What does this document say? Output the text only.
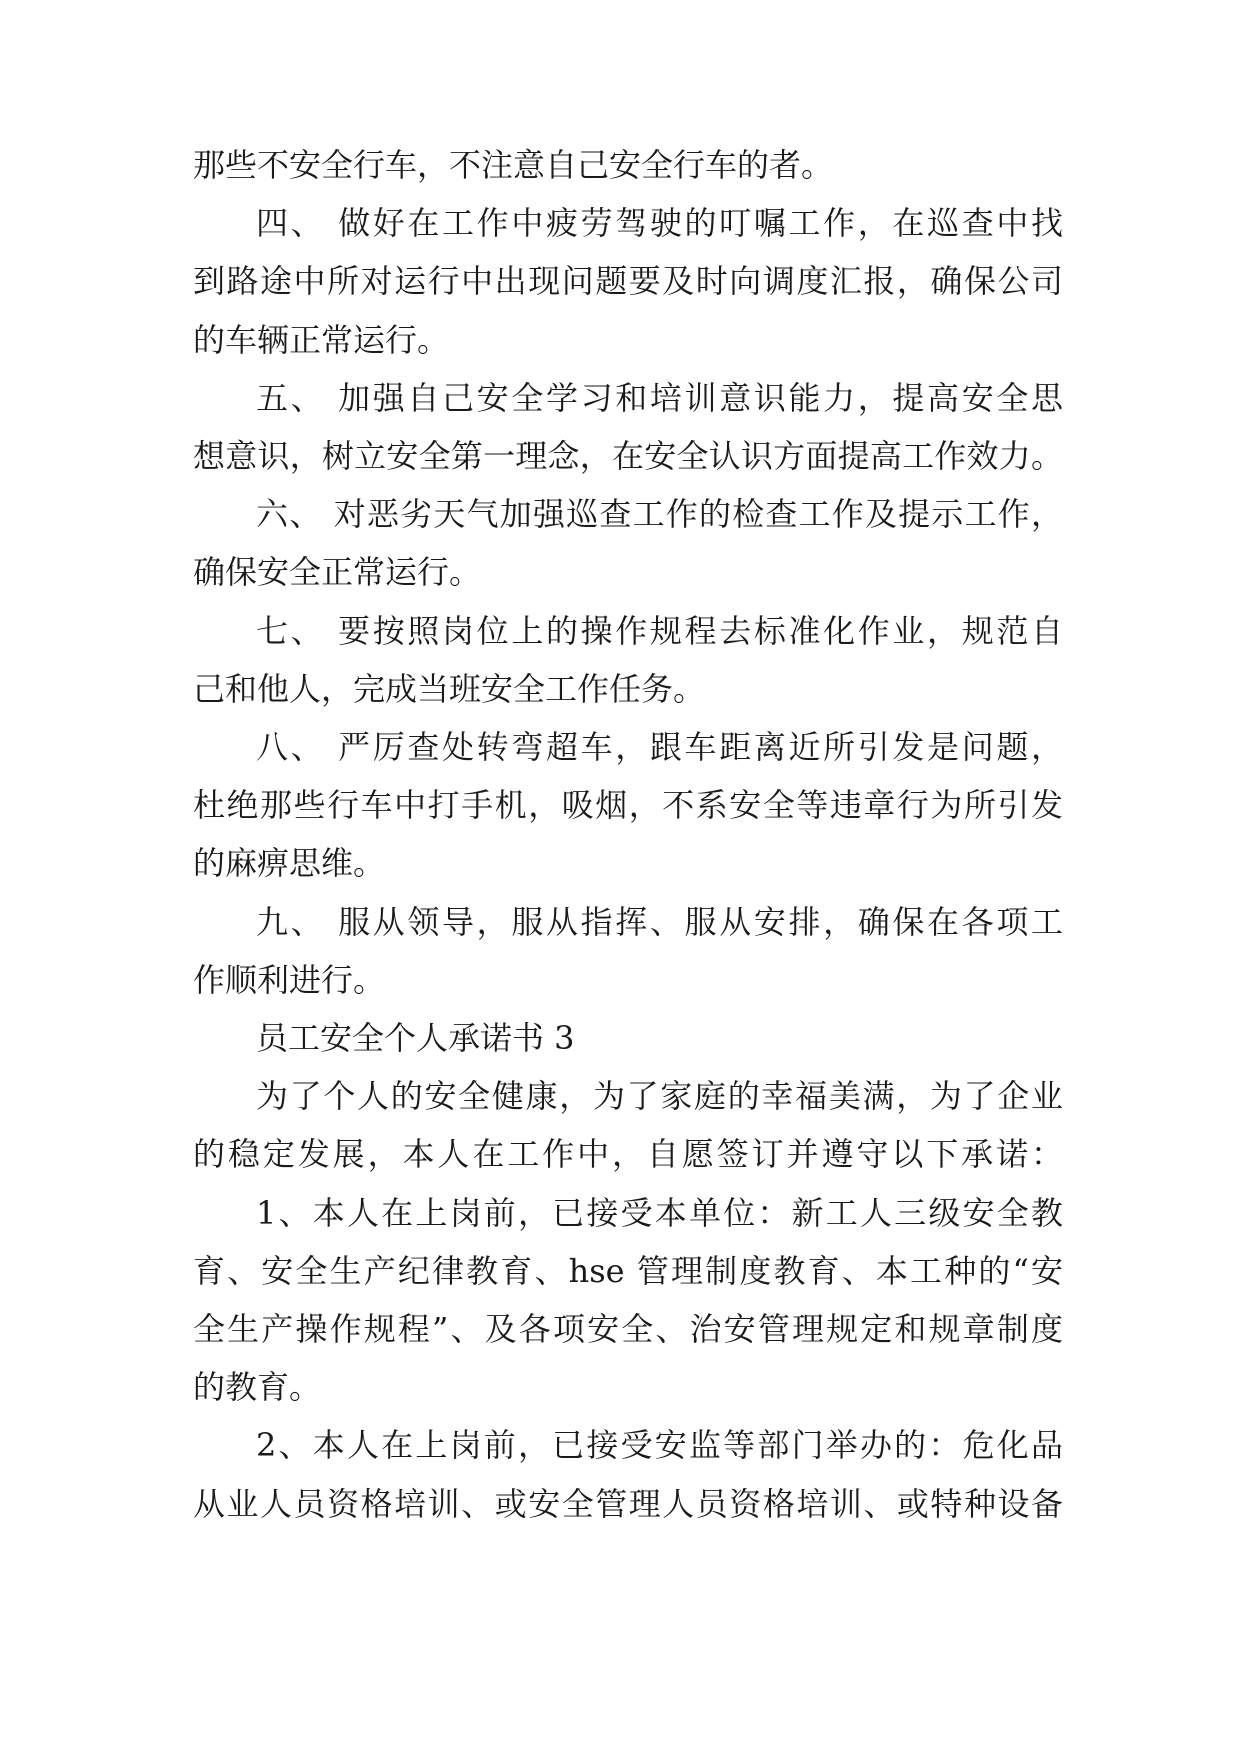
那些不安全行车，不注意自己安全行车的者。

四、 做好在工作中疲劳驾驶的叮嘱工作，在巡查中找

到路途中所对运行中出现问题要及时向调度汇报，确保公司

的车辆正常运行。

五、 加强自己安全学习和培训意识能力，提高安全思

想意识，树立安全第一理念，在安全认识方面提高工作效力。

六、 对恶劣天气加强巡查工作的检查工作及提示工作，

确保安全正常运行。

七、 要按照岗位上的操作规程去标准化作业，规范自

己和他人，完成当班安全工作任务。

八、 严厉查处转弯超车，跟车距离近所引发是问题，

杜绝那些行车中打手机，吸烟，不系安全等违章行为所引发

的麻痹思维。

九、 服从领导，服从指挥、服从安排，确保在各项工

作顺利进行。

员工安全个人承诺书 3

为了个人的安全健康，为了家庭的幸福美满，为了企业

的稳定发展，本人在工作中，自愿签订并遵守以下承诺：

1、本人在上岗前，已接受本单位：新工人三级安全教

育、安全生产纪律教育、hse 管理制度教育、本工种的“安

全生产操作规程”、及各项安全、治安管理规定和规章制度

的教育。

2、本人在上岗前，已接受安监等部门举办的：危化品

从业人员资格培训、或安全管理人员资格培训、或特种设备
